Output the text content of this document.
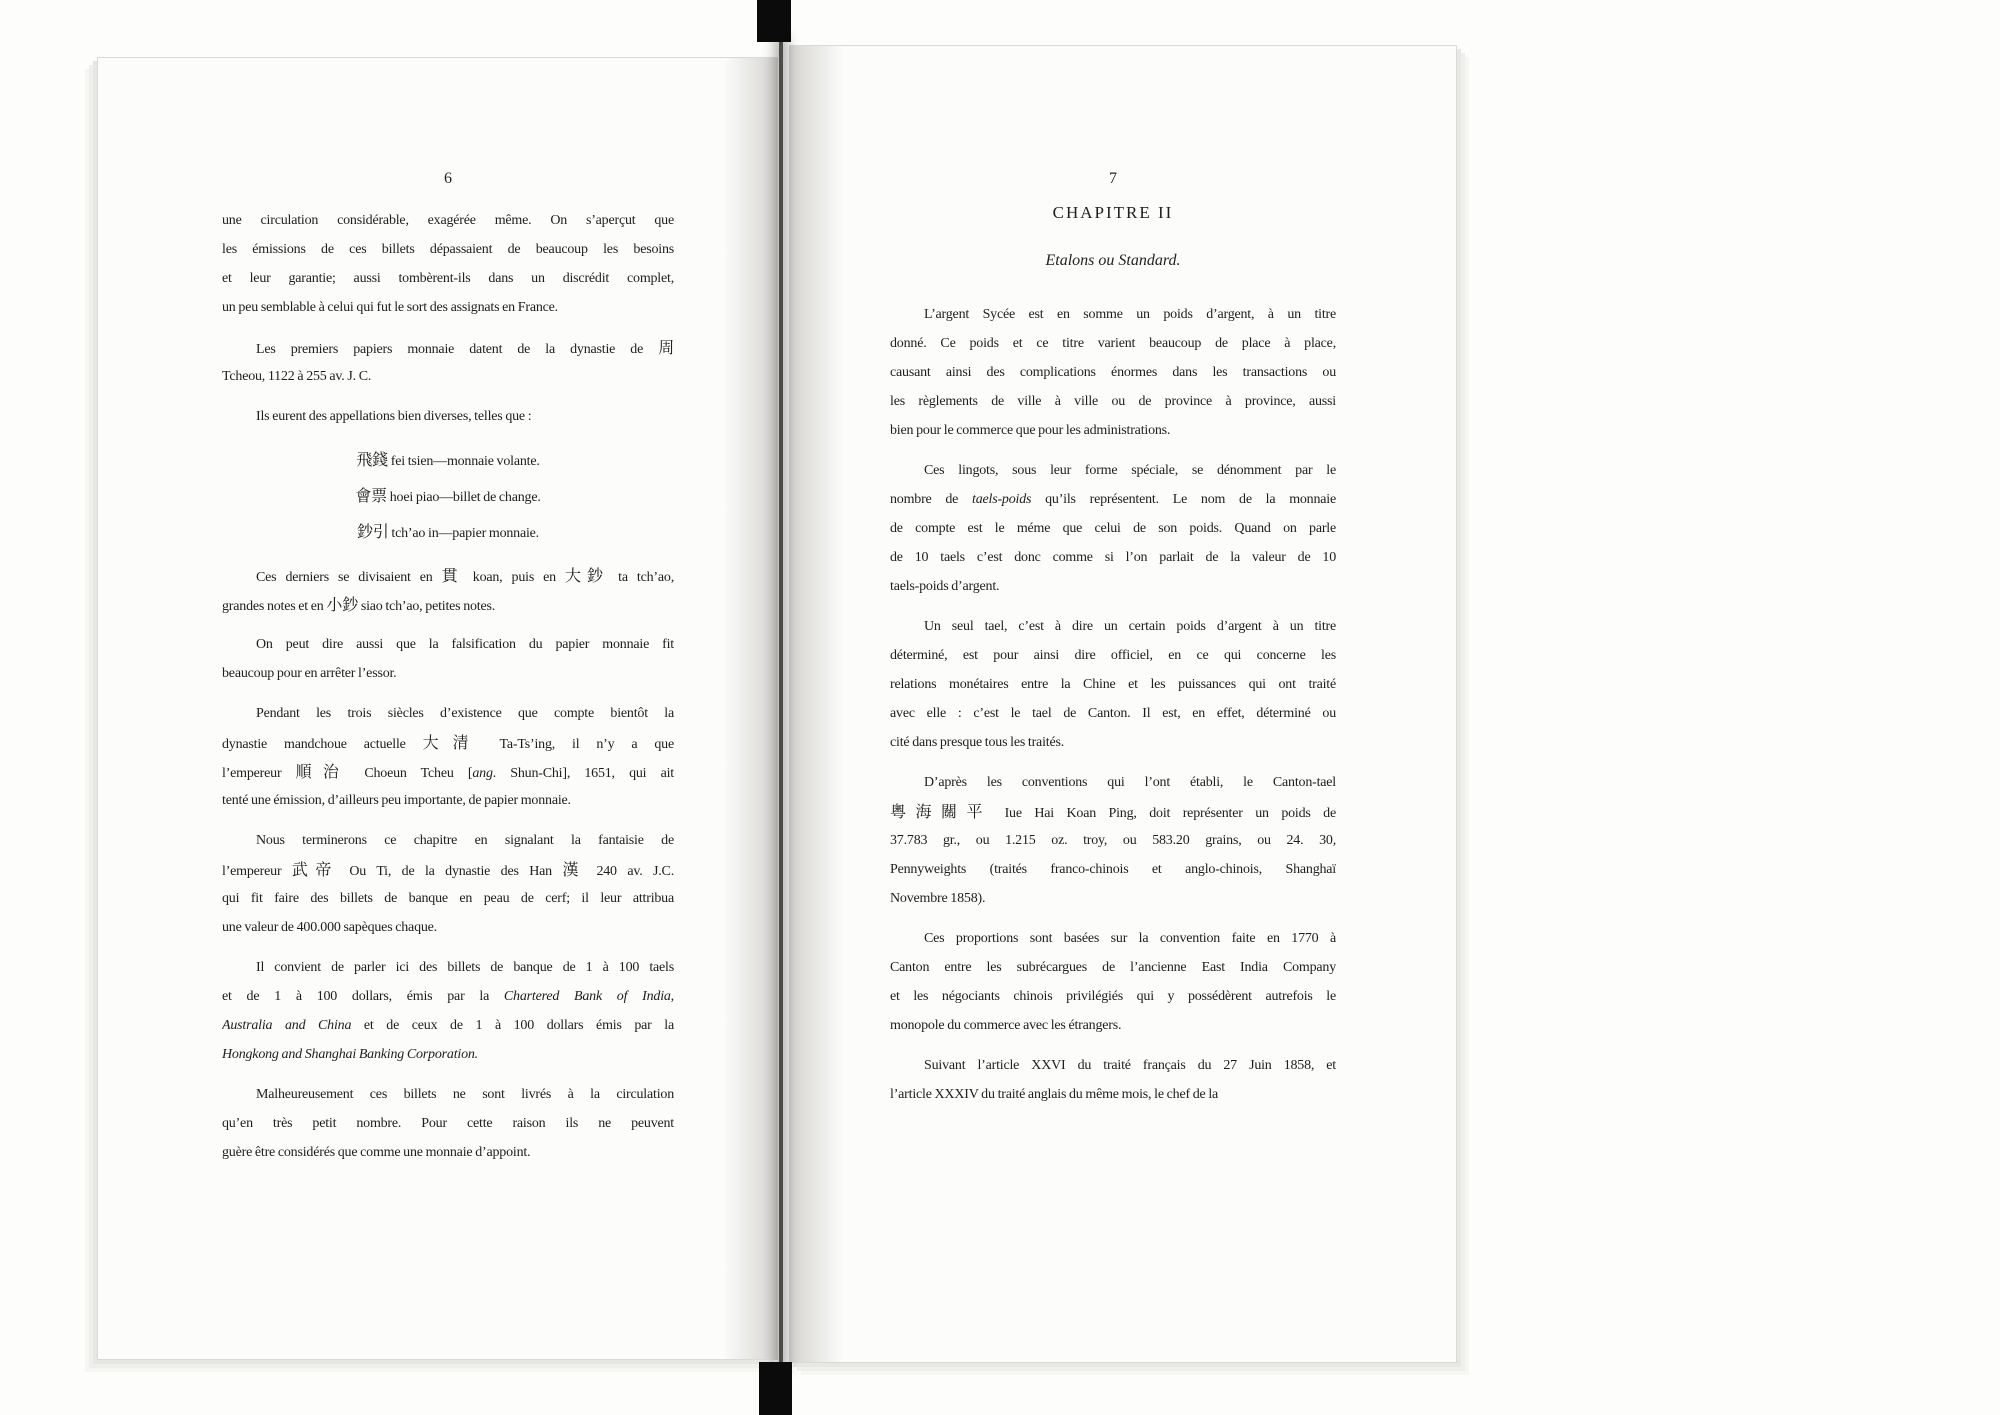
6	7
CHAPITRE II
Etalons ou Standard.
une circulation considérable, exagérée même. On s’aperçut que
les émissions de ces billets dépassaient de beaucoup les besoins
et leur garantie; aussi tombèrent-ils dans un discrédit complet,
un peu semblable à celui qui fut le sort des assignats en France.
Les premiers papiers monnaie datent de la dynastie de 周
Tcheou, 1122 à 255 av. J. C.
Ils eurent des appellations bien diverses, telles que :
飛錢 fei tsien—monnaie volante.
會票 hoei piao—billet de change.
鈔引 tch’ao in—papier monnaie.
Ces derniers se divisaient en 貫 koan, puis en 大鈔 ta tch’ao,
grandes notes et en 小鈔 siao tch’ao, petites notes.
On peut dire aussi que la falsification du papier monnaie fit
beaucoup pour en arrêter l’essor.
Pendant les trois siècles d’existence que compte bientôt la
dynastie mandchoue actuelle 大清 Ta-Ts’ing, il n’y a que
l’empereur 順治 Choeun Tcheu [ang. Shun-Chi], 1651, qui ait
tenté une émission, d’ailleurs peu importante, de papier monnaie.
Nous terminerons ce chapitre en signalant la fantaisie de
l’empereur 武帝 Ou Ti, de la dynastie des Han 漢 240 av. J.C.
qui fit faire des billets de banque en peau de cerf; il leur attribua
une valeur de 400.000 sapèques chaque.
Il convient de parler ici des billets de banque de 1 à 100 taels
et de 1 à 100 dollars, émis par la Chartered Bank of India,
Australia and China et de ceux de 1 à 100 dollars émis par la
Hongkong and Shanghai Banking Corporation.
Malheureusement ces billets ne sont livrés à la circulation
qu’en très petit nombre. Pour cette raison ils ne peuvent
guère être considérés que comme une monnaie d’appoint.
L’argent Sycée est en somme un poids d’argent, à un titre
donné. Ce poids et ce titre varient beaucoup de place à place,
causant ainsi des complications énormes dans les transactions ou
les règlements de ville à ville ou de province à province, aussi
bien pour le commerce que pour les administrations.
Ces lingots, sous leur forme spéciale, se dénomment par le
nombre de taels-poids qu’ils représentent. Le nom de la monnaie
de compte est le méme que celui de son poids. Quand on parle
de 10 taels c’est donc comme si l’on parlait de la valeur de 10
taels-poids d’argent.
Un seul tael, c’est à dire un certain poids d’argent à un titre
déterminé, est pour ainsi dire officiel, en ce qui concerne les
relations monétaires entre la Chine et les puissances qui ont traité
avec elle : c’est le tael de Canton. Il est, en effet, déterminé ou
cité dans presque tous les traités.
D’après les conventions qui l’ont établi, le Canton-tael
粵海關平 Iue Hai Koan Ping, doit représenter un poids de
37.783 gr., ou 1.215 oz. troy, ou 583.20 grains, ou 24. 30,
Pennyweights (traités franco-chinois et anglo-chinois, Shanghaï
Novembre 1858).
Ces proportions sont basées sur la convention faite en 1770 à
Canton entre les subrécargues de l’ancienne East India Company
et les négociants chinois privilégiés qui y possédèrent autrefois le
monopole du commerce avec les étrangers.
Suivant l’article XXVI du traité français du 27 Juin 1858, et
l’article XXXIV du traité anglais du même mois, le chef de la
